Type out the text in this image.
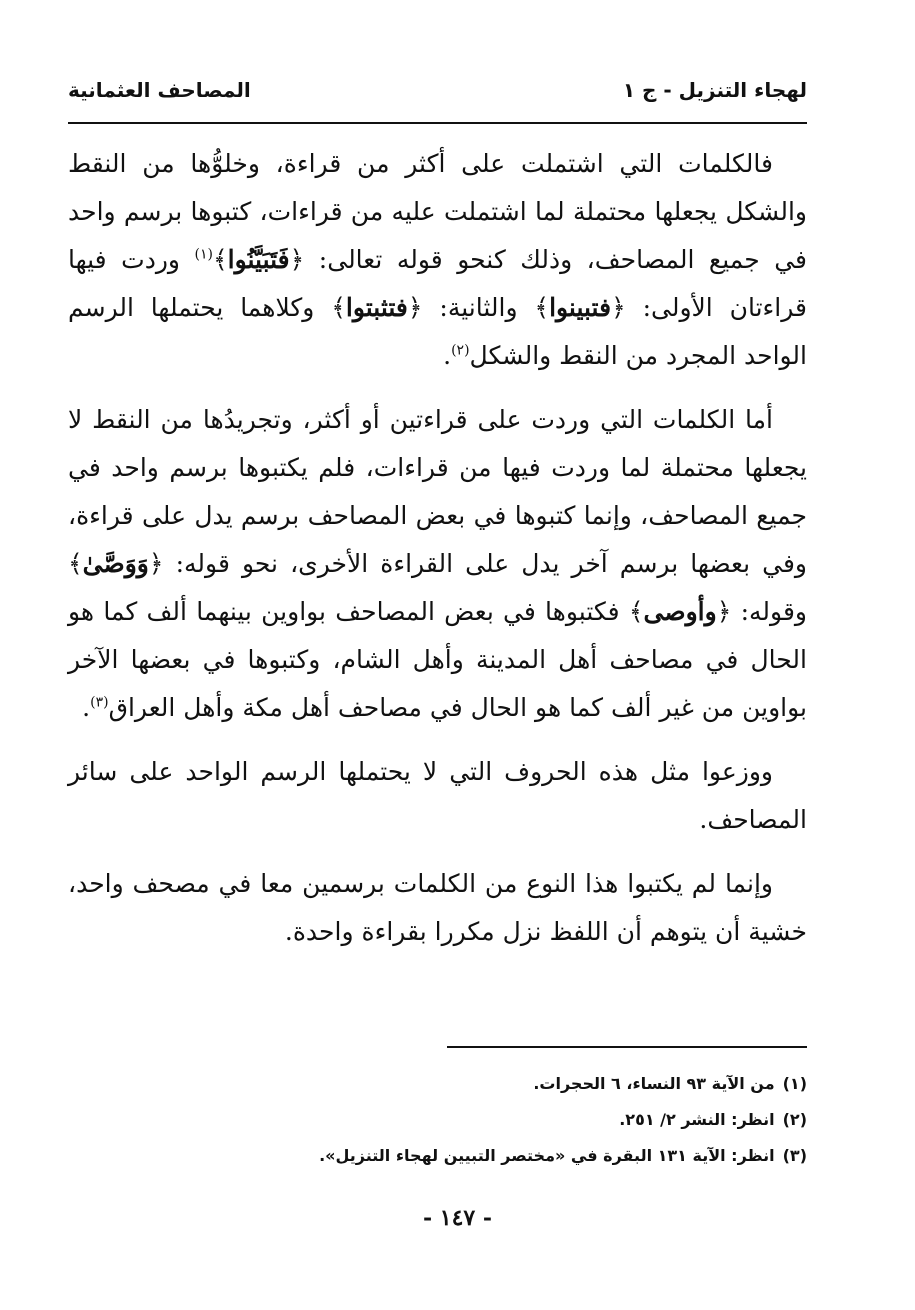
لهجاء التنزيل - ج ١
المصاحف العثمانية

فالكلمات التي اشتملت على أكثر من قراءة، وخلوُّها من النقط والشكل يجعلها محتملة لما اشتملت عليه من قراءات، كتبوها برسم واحد في جميع المصاحف، وذلك كنحو قوله تعالى: ﴿فَتَبَيَّنُوا﴾$^{(١)}$ وردت فيها قراءتان الأولى: ﴿فتبينوا﴾ والثانية: ﴿فتثبتوا﴾ وكلاهما يحتملها الرسم الواحد المجرد من النقط والشكل$^{(٢)}$.

أما الكلمات التي وردت على قراءتين أو أكثر، وتجريدُها من النقط لا يجعلها محتملة لما وردت فيها من قراءات، فلم يكتبوها برسم واحد في جميع المصاحف، وإنما كتبوها في بعض المصاحف برسم يدل على قراءة، وفي بعضها برسم آخر يدل على القراءة الأخرى، نحو قوله: ﴿وَوَصَّىٰ﴾ وقوله: ﴿وأوصى﴾ فكتبوها في بعض المصاحف بواوين بينهما ألف كما هو الحال في مصاحف أهل المدينة وأهل الشام، وكتبوها في بعضها الآخر بواوين من غير ألف كما هو الحال في مصاحف أهل مكة وأهل العراق$^{(٣)}$.

ووزعوا مثل هذه الحروف التي لا يحتملها الرسم الواحد على سائر المصاحف.

وإنما لم يكتبوا هذا النوع من الكلمات برسمين معا في مصحف واحد، خشية أن يتوهم أن اللفظ نزل مكررا بقراءة واحدة.

(١)من الآية ٩٣ النساء، ٦ الحجرات.
(٢)انظر: النشر ٢/ ٢٥١.
(٣)انظر: الآية ١٣١ البقرة في «مختصر التبيين لهجاء التنزيل».
- ١٤٧ -
